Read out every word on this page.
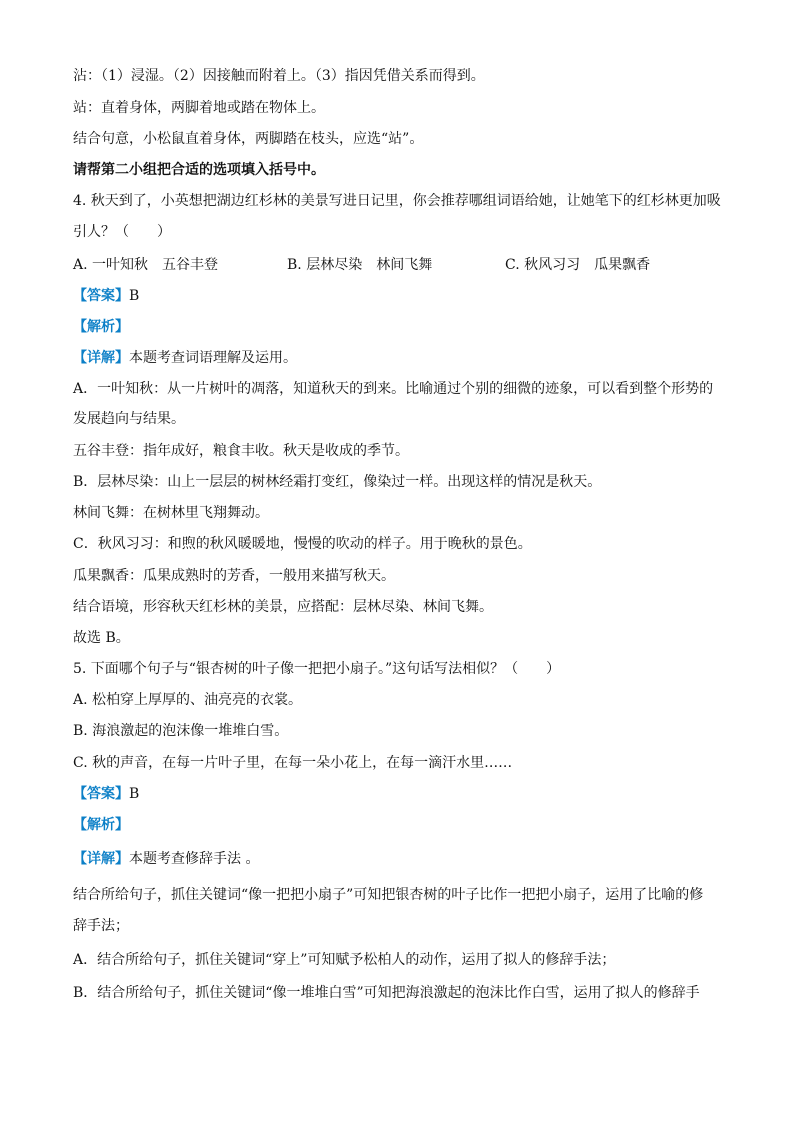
沾：（1）浸湿。（2）因接触而附着上。（3）指因凭借关系而得到。
站：直着身体，两脚着地或踏在物体上。
结合句意，小松鼠直着身体，两脚踏在枝头，应选“站”。
请帮第二小组把合适的选项填入括号中。
4. 秋天到了，小英想把湖边红杉林的美景写进日记里，你会推荐哪组词语给她，让她笔下的红杉林更加吸
引人？（　　）
A. 一叶知秋　五谷丰登	B. 层林尽染　林间飞舞	C. 秋风习习　瓜果飘香
【答案】B
【解析】
【详解】本题考查词语理解及运用。
A．一叶知秋：从一片树叶的凋落，知道秋天的到来。比喻通过个别的细微的迹象，可以看到整个形势的
发展趋向与结果。
五谷丰登：指年成好，粮食丰收。秋天是收成的季节。
B．层林尽染：山上一层层的树林经霜打变红，像染过一样。出现这样的情况是秋天。
林间飞舞：在树林里飞翔舞动。
C．秋风习习：和煦的秋风暖暖地，慢慢的吹动的样子。用于晚秋的景色。
瓜果飘香：瓜果成熟时的芳香，一般用来描写秋天。
结合语境，形容秋天红杉林的美景，应搭配：层林尽染、林间飞舞。
故选 B。
5. 下面哪个句子与“银杏树的叶子像一把把小扇子。”这句话写法相似？（　　）
A. 松柏穿上厚厚的、油亮亮的衣裳。
B. 海浪激起的泡沫像一堆堆白雪。
C. 秋的声音，在每一片叶子里，在每一朵小花上，在每一滴汗水里……
【答案】B
【解析】
【详解】本题考查修辞手法 。
结合所给句子，抓住关键词“像一把把小扇子”可知把银杏树的叶子比作一把把小扇子，运用了比喻的修
辞手法；
A．结合所给句子，抓住关键词“穿上”可知赋予松柏人的动作，运用了拟人的修辞手法；
B．结合所给句子，抓住关键词“像一堆堆白雪”可知把海浪激起的泡沫比作白雪，运用了拟人的修辞手
